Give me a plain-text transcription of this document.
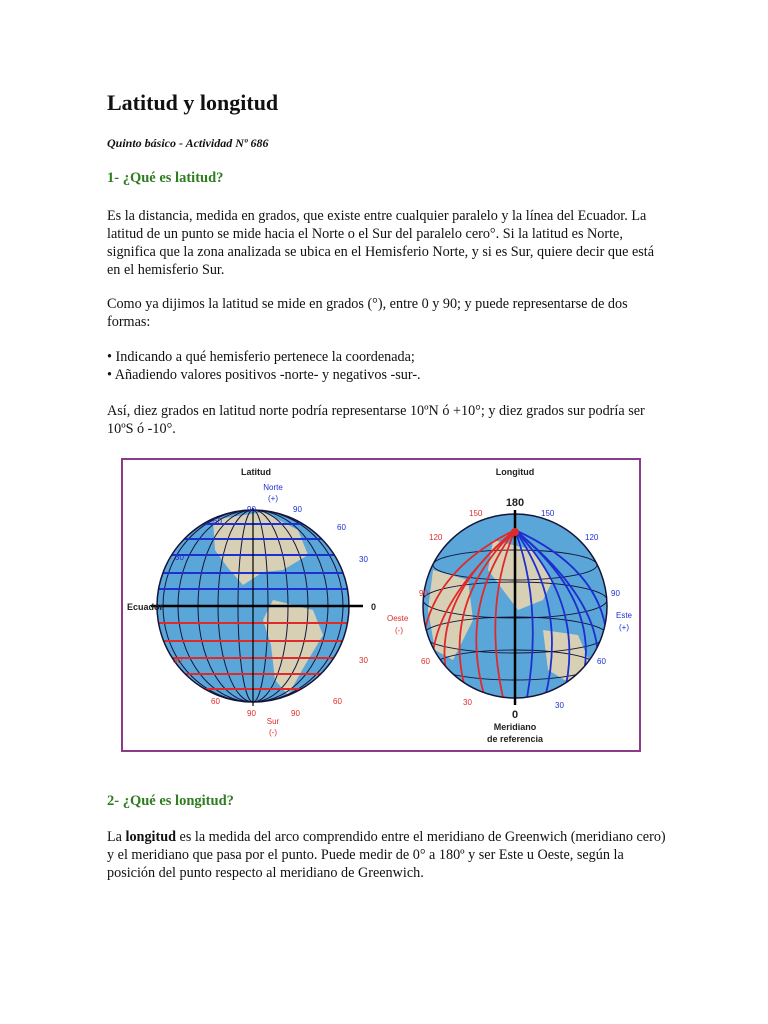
Latitud y longitud
Quinto básico - Actividad Nº 686
1- ¿Qué es latitud?

Es la distancia, medida en grados, que existe entre cualquier paralelo y la línea del Ecuador. La latitud de un punto se mide hacia el Norte o el Sur del paralelo cero°. Si la latitud es Norte, significa que la zona analizada se ubica en el Hemisferio Norte, y si es Sur, quiere decir que está en el hemisferio Sur.

Como ya dijimos la latitud se mide en grados (°), entre 0 y 90; y puede representarse de dos formas:

• Indicando a qué hemisferio pertenece la coordenada;

• Añadiendo valores positivos -norte- y negativos -sur-.

Así, diez grados en latitud norte podría representarse 10ºN ó +10°; y diez grados sur podría ser 10ºS ó -10°.

Latitud
Ecuador	0
Norte
(+)
90
60
30	30
60
90
30	30
60	60
90	90
Sur
(-)
Longitud
180
0
Meridiano
de referencia
150
120
90
60
30
Oeste
(-)
150
120
90
60
30
Este
(+)
2- ¿Qué es longitud?

La longitud es la medida del arco comprendido entre el meridiano de Greenwich (meridiano cero) y el meridiano que pasa por el punto. Puede medir de 0° a 180º y ser Este u Oeste, según la posición del punto respecto al meridiano de Greenwich.
